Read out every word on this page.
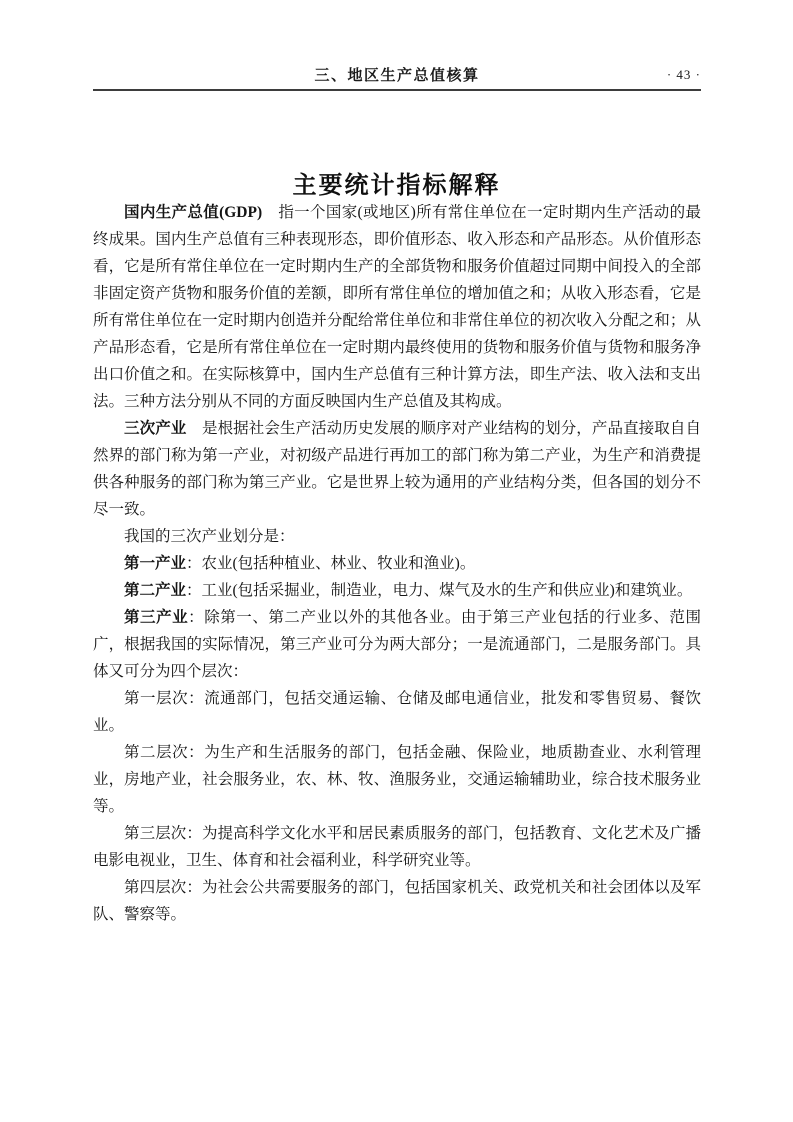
三、地区生产总值核算	· 43 ·
主要统计指标解释

国内生产总值(GDP)　指一个国家(或地区)所有常住单位在一定时期内生产活动的最终成果。国内生产总值有三种表现形态，即价值形态、收入形态和产品形态。从价值形态看，它是所有常住单位在一定时期内生产的全部货物和服务价值超过同期中间投入的全部非固定资产货物和服务价值的差额，即所有常住单位的增加值之和；从收入形态看，它是所有常住单位在一定时期内创造并分配给常住单位和非常住单位的初次收入分配之和；从产品形态看，它是所有常住单位在一定时期内最终使用的货物和服务价值与货物和服务净出口价值之和。在实际核算中，国内生产总值有三种计算方法，即生产法、收入法和支出法。三种方法分别从不同的方面反映国内生产总值及其构成。

三次产业　是根据社会生产活动历史发展的顺序对产业结构的划分，产品直接取自自然界的部门称为第一产业，对初级产品进行再加工的部门称为第二产业，为生产和消费提供各种服务的部门称为第三产业。它是世界上较为通用的产业结构分类，但各国的划分不尽一致。

我国的三次产业划分是：

第一产业：农业(包括种植业、林业、牧业和渔业)。

第二产业：工业(包括采掘业，制造业，电力、煤气及水的生产和供应业)和建筑业。

第三产业：除第一、第二产业以外的其他各业。由于第三产业包括的行业多、范围广，根据我国的实际情况，第三产业可分为两大部分；一是流通部门，二是服务部门。具体又可分为四个层次：

第一层次：流通部门，包括交通运输、仓储及邮电通信业，批发和零售贸易、餐饮业。

第二层次：为生产和生活服务的部门，包括金融、保险业，地质勘查业、水利管理业，房地产业，社会服务业，农、林、牧、渔服务业，交通运输辅助业，综合技术服务业等。

第三层次：为提高科学文化水平和居民素质服务的部门，包括教育、文化艺术及广播电影电视业，卫生、体育和社会福利业，科学研究业等。

第四层次：为社会公共需要服务的部门，包括国家机关、政党机关和社会团体以及军队、警察等。
